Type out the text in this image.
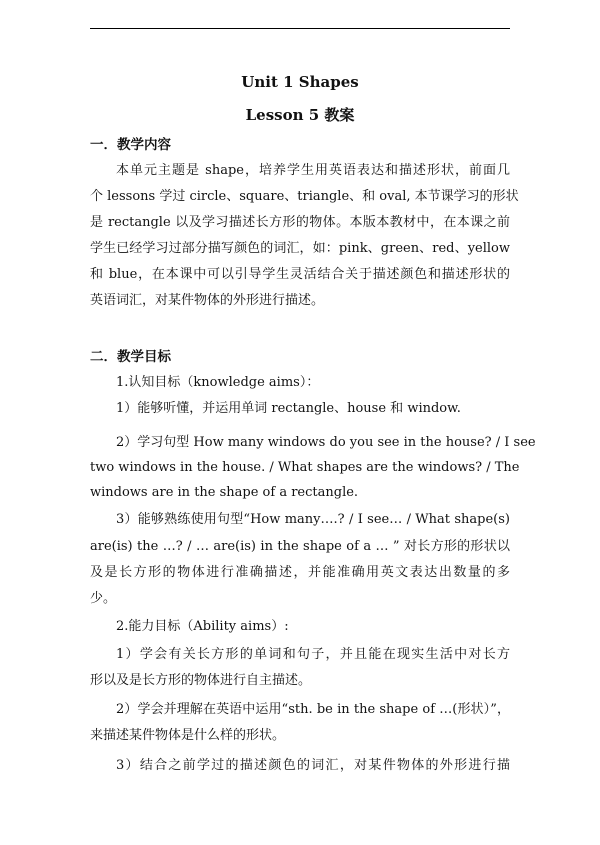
Unit 1 Shapes
Lesson 5 教案
一．教学内容
本单元主题是 shape，培养学生用英语表达和描述形状，前面几
个 lessons 学过 circle、square、triangle、和 oval, 本节课学习的形状
是 rectangle 以及学习描述长方形的物体。本版本教材中，在本课之前
学生已经学习过部分描写颜色的词汇，如：pink、green、red、yellow
和 blue，在本课中可以引导学生灵活结合关于描述颜色和描述形状的
英语词汇，对某件物体的外形进行描述。
二．教学目标
1.认知目标（knowledge aims）：
1）能够听懂，并运用单词 rectangle、house 和 window.
2）学习句型 How many windows do you see in the house? / I see
two windows in the house. / What shapes are the windows? / The
windows are in the shape of a rectangle.
3）能够熟练使用句型“How many….? / I see… / What shape(s)
are(is) the …? / … are(is) in the shape of a … ” 对长方形的形状以
及是长方形的物体进行准确描述，并能准确用英文表达出数量的多
少。
2.能力目标（Ability aims）:
1）学会有关长方形的单词和句子，并且能在现实生活中对长方
形以及是长方形的物体进行自主描述。
2）学会并理解在英语中运用“sth. be in the shape of …(形状）”，
来描述某件物体是什么样的形状。
3）结合之前学过的描述颜色的词汇，对某件物体的外形进行描
